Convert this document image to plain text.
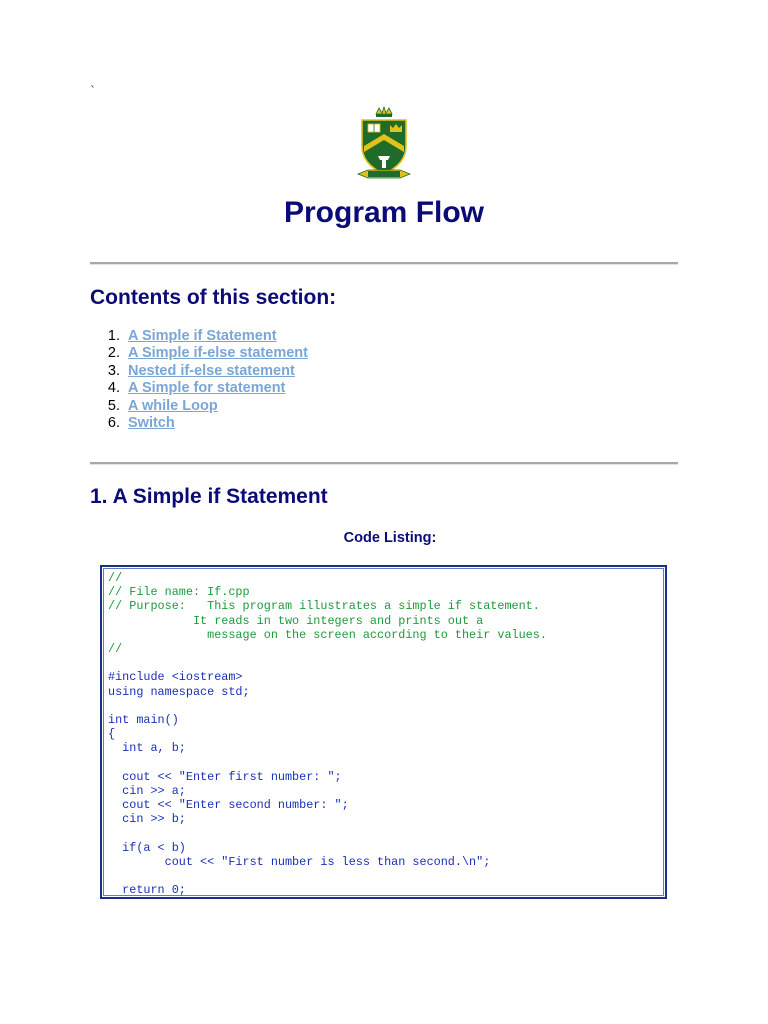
`
Program Flow
Contents of this section:
1. A Simple if Statement
2. A Simple if-else statement
3. Nested if-else statement
4. A Simple for statement
5. A while Loop
6. Switch
1. A Simple if Statement
Code Listing:
//
// File name: If.cpp
// Purpose:   This program illustrates a simple if statement.
It reads in two integers and prints out a
message on the screen according to their values.
//

#include <iostream>
using namespace std;

int main()
{
int a, b;

cout << "Enter first number: ";
cin >> a;
cout << "Enter second number: ";
cin >> b;

if(a < b)
cout << "First number is less than second.\n";

return 0;
